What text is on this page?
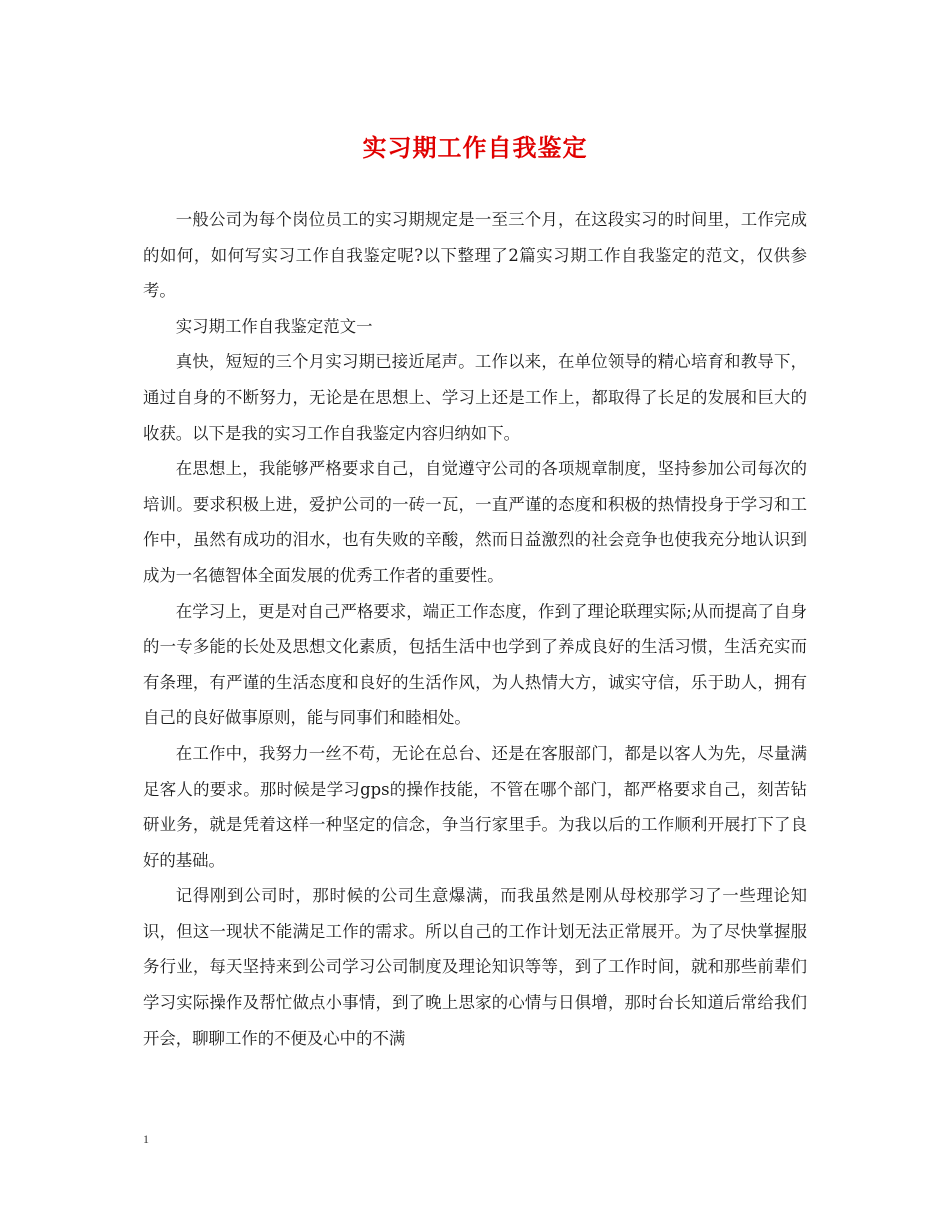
实习期工作自我鉴定

一般公司为每个岗位员工的实习期规定是一至三个月，在这段实习的时间里，工作完成的如何，如何写实习工作自我鉴定呢?以下整理了2篇实习期工作自我鉴定的范文，仅供参考。

实习期工作自我鉴定范文一

真快，短短的三个月实习期已接近尾声。工作以来，在单位领导的精心培育和教导下，通过自身的不断努力，无论是在思想上、学习上还是工作上，都取得了长足的发展和巨大的收获。以下是我的实习工作自我鉴定内容归纳如下。

在思想上，我能够严格要求自己，自觉遵守公司的各项规章制度，坚持参加公司每次的培训。要求积极上进，爱护公司的一砖一瓦，一直严谨的态度和积极的热情投身于学习和工作中，虽然有成功的泪水，也有失败的辛酸，然而日益激烈的社会竞争也使我充分地认识到成为一名德智体全面发展的优秀工作者的重要性。

在学习上，更是对自己严格要求，端正工作态度，作到了理论联理实际;从而提高了自身的一专多能的长处及思想文化素质，包括生活中也学到了养成良好的生活习惯，生活充实而有条理，有严谨的生活态度和良好的生活作风，为人热情大方，诚实守信，乐于助人，拥有自己的良好做事原则，能与同事们和睦相处。

在工作中，我努力一丝不苟，无论在总台、还是在客服部门，都是以客人为先，尽量满足客人的要求。那时候是学习gps的操作技能，不管在哪个部门，都严格要求自己，刻苦钻研业务，就是凭着这样一种坚定的信念，争当行家里手。为我以后的工作顺利开展打下了良好的基础。

记得刚到公司时，那时候的公司生意爆满，而我虽然是刚从母校那学习了一些理论知识，但这一现状不能满足工作的需求。所以自己的工作计划无法正常展开。为了尽快掌握服务行业，每天坚持来到公司学习公司制度及理论知识等等，到了工作时间，就和那些前辈们学习实际操作及帮忙做点小事情，到了晚上思家的心情与日俱增，那时台长知道后常给我们开会，聊聊工作的不便及心中的不满

1
